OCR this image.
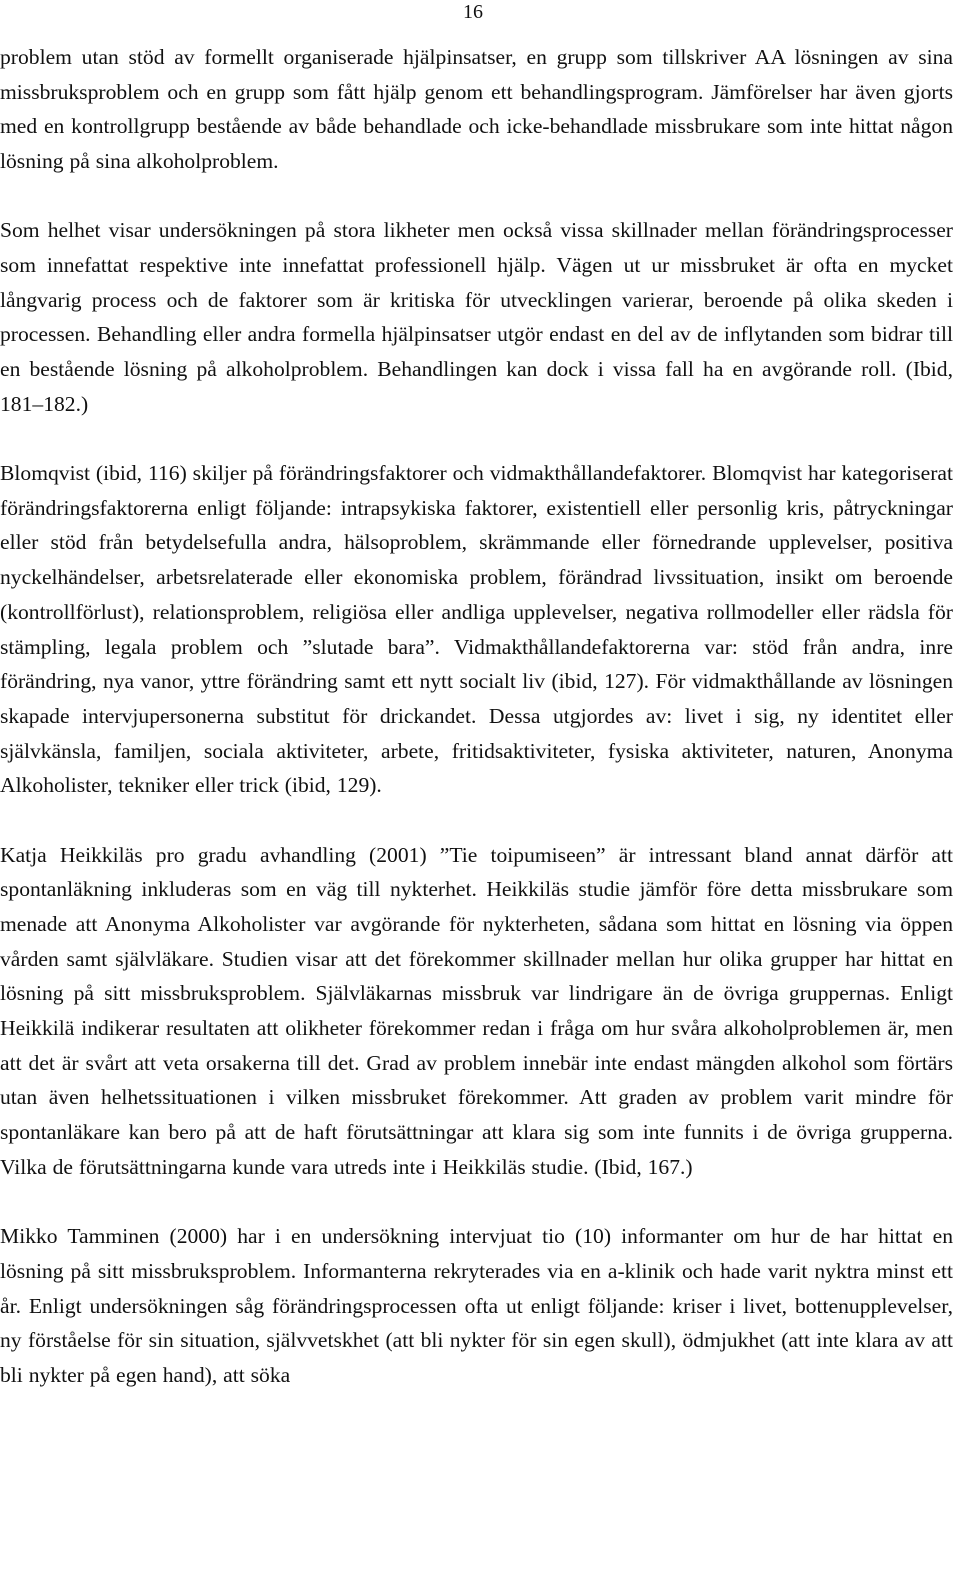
16

problem utan stöd av formellt organiserade hjälpinsatser, en grupp som tillskriver AA lösningen av sina missbruksproblem och en grupp som fått hjälp genom ett behandlingsprogram. Jämförelser har även gjorts med en kontrollgrupp bestående av både behandlade och icke-behandlade missbrukare som inte hittat någon lösning på sina alkoholproblem.

Som helhet visar undersökningen på stora likheter men också vissa skillnader mellan förändringsprocesser som innefattat respektive inte innefattat professionell hjälp. Vägen ut ur missbruket är ofta en mycket långvarig process och de faktorer som är kritiska för utvecklingen varierar, beroende på olika skeden i processen. Behandling eller andra formella hjälpinsatser utgör endast en del av de inflytanden som bidrar till en bestående lösning på alkoholproblem. Behandlingen kan dock i vissa fall ha en avgörande roll. (Ibid, 181–182.)

Blomqvist (ibid, 116) skiljer på förändringsfaktorer och vidmakthållandefaktorer. Blomqvist har kategoriserat förändringsfaktorerna enligt följande: intrapsykiska faktorer, existentiell eller personlig kris, påtryckningar eller stöd från betydelsefulla andra, hälsoproblem, skrämmande eller förnedrande upplevelser, positiva nyckelhändelser, arbetsrelaterade eller ekonomiska problem, förändrad livssituation, insikt om beroende (kontrollförlust), relationsproblem, religiösa eller andliga upplevelser, negativa rollmodeller eller rädsla för stämpling, legala problem och ”slutade bara”. Vidmakthållandefaktorerna var: stöd från andra, inre förändring, nya vanor, yttre förändring samt ett nytt socialt liv (ibid, 127). För vidmakthållande av lösningen skapade intervjupersonerna substitut för drickandet. Dessa utgjordes av: livet i sig, ny identitet eller självkänsla, familjen, sociala aktiviteter, arbete, fritidsaktiviteter, fysiska aktiviteter, naturen, Anonyma Alkoholister, tekniker eller trick (ibid, 129).

Katja Heikkiläs pro gradu avhandling (2001) ”Tie toipumiseen” är intressant bland annat därför att spontanläkning inkluderas som en väg till nykterhet. Heikkiläs studie jämför före detta missbrukare som menade att Anonyma Alkoholister var avgörande för nykterheten, sådana som hittat en lösning via öppen vården samt självläkare. Studien visar att det förekommer skillnader mellan hur olika grupper har hittat en lösning på sitt missbruksproblem. Självläkarnas missbruk var lindrigare än de övriga gruppernas. Enligt Heikkilä indikerar resultaten att olikheter förekommer redan i fråga om hur svåra alkoholproblemen är, men att det är svårt att veta orsakerna till det. Grad av problem innebär inte endast mängden alkohol som förtärs utan även helhetssituationen i vilken missbruket förekommer. Att graden av problem varit mindre för spontanläkare kan bero på att de haft förutsättningar att klara sig som inte funnits i de övriga grupperna. Vilka de förutsättningarna kunde vara utreds inte i Heikkiläs studie. (Ibid, 167.)

Mikko Tamminen (2000) har i en undersökning intervjuat tio (10) informanter om hur de har hittat en lösning på sitt missbruksproblem. Informanterna rekryterades via en a-klinik och hade varit nyktra minst ett år. Enligt undersökningen såg förändringsprocessen ofta ut enligt följande: kriser i livet, bottenupplevelser, ny förståelse för sin situation, självvetskhet (att bli nykter för sin egen skull), ödmjukhet (att inte klara av att bli nykter på egen hand), att söka
